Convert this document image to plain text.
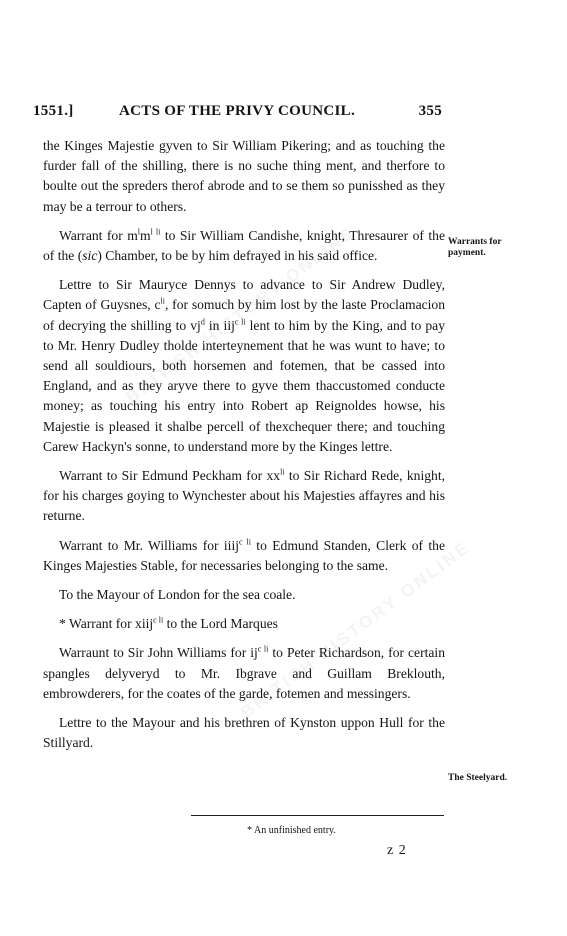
1551.]	ACTS OF THE PRIVY COUNCIL.	355

the Kinges Majestie gyven to Sir William Pikering; and as touching the furder fall of the shilling, there is no suche thing ment, and therfore to boulte out the spreders therof abrode and to se them so punisshed as they may be a terrour to others.

Warrant for $m^lm^{l li}$ to Sir William Candishe, knight, Thresaurer of the of the (sic) Chamber, to be by him defrayed in his said office.

Lettre to Sir Mauryce Dennys to advance to Sir Andrew Dudley, Capten of Guysnes, $c^{li}$, for somuch by him lost by the laste Proclamacion of decrying the shilling to $vj^d$ in iij$^{c li}$ lent to him by the King, and to pay to Mr. Henry Dudley tholde interteynement that he was wunt to have; to send all souldiours, both horsemen and fotemen, that be cassed into England, and as they aryve there to gyve them thaccustomed conducte money; as touching his entry into Robert ap Reignoldes howse, his Majestie is pleased it shalbe percell of thexchequer there; and touching Carew Hackyn's sonne, to understand more by the Kinges lettre.

Warrant to Sir Edmund Peckham for $xx^{li}$ to Sir Richard Rede, knight, for his charges goying to Wynchester about his Majesties affayres and his returne.

Warrant to Mr. Williams for iiij$^{c li}$ to Edmund Standen, Clerk of the Kinges Majesties Stable, for necessaries belonging to the same.

To the Mayour of London for the sea coale.

* Warrant for xiij$^{c li}$ to the Lord Marques

Warraunt to Sir John Williams for $ij^{c li}$ to Peter Richardson, for certain spangles delyveryd to Mr. Ibgrave and Guillam Breklouth, embrowderers, for the coates of the garde, fotemen and messingers.

Lettre to the Mayour and his brethren of Kynston uppon Hull for the Stillyard.

Warrants for payment.
The Steelyard.
* An unfinished entry.
z 2
